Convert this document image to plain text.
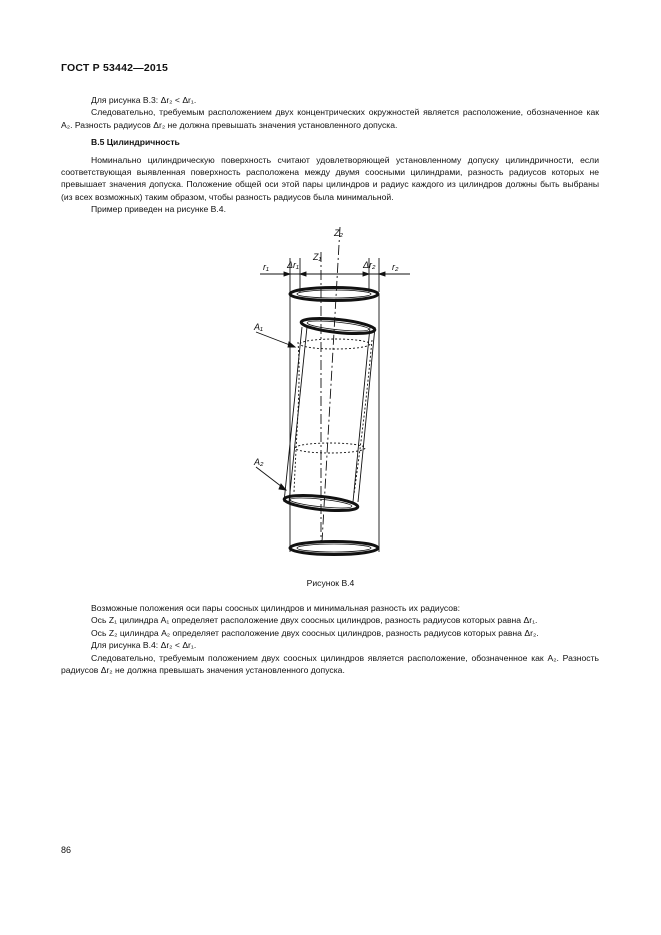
ГОСТ Р 53442—2015

Для рисунка В.3: Δr₂ < Δr₁.

Следовательно, требуемым расположением двух концентрических окружностей является расположение, обозначенное как A₂. Разность радиусов Δr₂ не должна превышать значения установленного допуска.

В.5 Цилиндричность

Номинально цилиндрическую поверхность считают удовлетворяющей установленному допуску цилиндричности, если соответствующая выявленная поверхность расположена между двумя соосными цилиндрами, разность радиусов которых не превышает значения допуска. Положение общей оси этой пары цилиндров и радиус каждого из цилиндров должны быть выбраны (из всех возможных) таким образом, чтобы разность радиусов была минимальной.

Пример приведен на рисунке В.4.

r₁ Δr₁
Z₁
Z₂
Δr₂ r₂
A₁
A₂
Рисунок В.4

Возможные положения оси пары соосных цилиндров и минимальная разность их радиусов:

Ось Z₁ цилиндра A₁ определяет расположение двух соосных цилиндров, разность радиусов которых равна Δr₁.

Ось Z₂ цилиндра A₂ определяет расположение двух соосных цилиндров, разность радиусов которых равна Δr₂.

Для рисунка В.4: Δr₂ < Δr₁.

Следовательно, требуемым положением двух соосных цилиндров является расположение, обозначенное как A₂. Разность радиусов Δr₂ не должна превышать значения установленного допуска.

86
